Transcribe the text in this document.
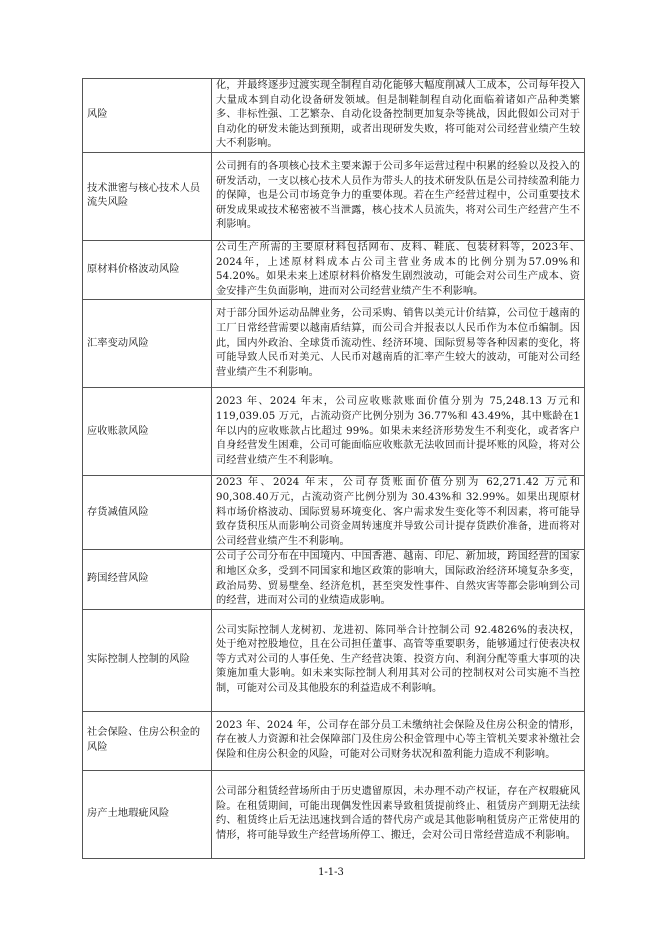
风险	化，并最终逐步过渡实现全制程自动化能够大幅度削减人工成本，公司每年投入大量成本到自动化设备研发领域。但是制鞋制程自动化面临着诸如产品种类繁多、非标性强、工艺繁杂、自动化设备控制更加复杂等挑战，因此假如公司对于自动化的研发未能达到预期，或者出现研发失败，将可能对公司经营业绩产生较大不利影响。
技术泄密与核心技术人员流失风险	公司拥有的各项核心技术主要来源于公司多年运营过程中积累的经验以及投入的研发活动，一支以核心技术人员作为带头人的技术研发队伍是公司持续盈利能力的保障，也是公司市场竞争力的重要体现。若在生产经营过程中，公司重要技术研发成果或技术秘密被不当泄露，核心技术人员流失，将对公司生产经营产生不利影响。
原材料价格波动风险	公司生产所需的主要原材料包括网布、皮料、鞋底、包装材料等，2023年、2024年，上述原材料成本占公司主营业务成本的比例分别为57.09%和54.20%。如果未来上述原材料价格发生剧烈波动，可能会对公司生产成本、资金安排产生负面影响，进而对公司经营业绩产生不利影响。
汇率变动风险	对于部分国外运动品牌业务，公司采购、销售以美元计价结算，公司位于越南的工厂日常经营需要以越南盾结算，而公司合并报表以人民币作为本位币编制。因此，国内外政治、全球货币流动性、经济环境、国际贸易等各种因素的变化，将可能导致人民币对美元、人民币对越南盾的汇率产生较大的波动，可能对公司经营业绩产生不利影响。
应收账款风险	2023 年、2024 年末，公司应收账款账面价值分别为 75,248.13 万元和119,039.05 万元，占流动资产比例分别为 36.77%和 43.49%，其中账龄在1 年以内的应收账款占比超过 99%。如果未来经济形势发生不利变化，或者客户自身经营发生困难，公司可能面临应收账款无法收回而计提坏账的风险，将对公司经营业绩产生不利影响。
存货减值风险	2023 年、2024 年末，公司存货账面价值分别为 62,271.42 万元和 90,308.40万元，占流动资产比例分别为 30.43%和 32.99%。如果出现原材料市场价格波动、国际贸易环境变化、客户需求发生变化等不利因素，将可能导致存货积压从而影响公司资金周转速度并导致公司计提存货跌价准备，进而将对公司经营业绩产生不利影响。
跨国经营风险	公司子公司分布在中国境内、中国香港、越南、印尼、新加坡，跨国经营的国家和地区众多，受到不同国家和地区政策的影响大，国际政治经济环境复杂多变，政治局势、贸易壁垒、经济危机，甚至突发性事件、自然灾害等都会影响到公司的经营，进而对公司的业绩造成影响。
实际控制人控制的风险	公司实际控制人龙树初、龙进初、陈同举合计控制公司 92.4826%的表决权，处于绝对控股地位，且在公司担任董事、高管等重要职务，能够通过行使表决权等方式对公司的人事任免、生产经营决策、投资方向、利润分配等重大事项的决策施加重大影响。如未来实际控制人利用其对公司的控制权对公司实施不当控制，可能对公司及其他股东的利益造成不利影响。
社会保险、住房公积金的风险	2023 年、2024 年，公司存在部分员工未缴纳社会保险及住房公积金的情形，存在被人力资源和社会保障部门及住房公积金管理中心等主管机关要求补缴社会保险和住房公积金的风险，可能对公司财务状况和盈利能力造成不利影响。
房产土地瑕疵风险	公司部分租赁经营场所由于历史遗留原因，未办理不动产权证，存在产权瑕疵风险。在租赁期间，可能出现偶发性因素导致租赁提前终止、租赁房产到期无法续约、租赁终止后无法迅速找到合适的替代房产或是其他影响租赁房产正常使用的情形，将可能导致生产经营场所停工、搬迁，会对公司日常经营造成不利影响。
1-1-3
